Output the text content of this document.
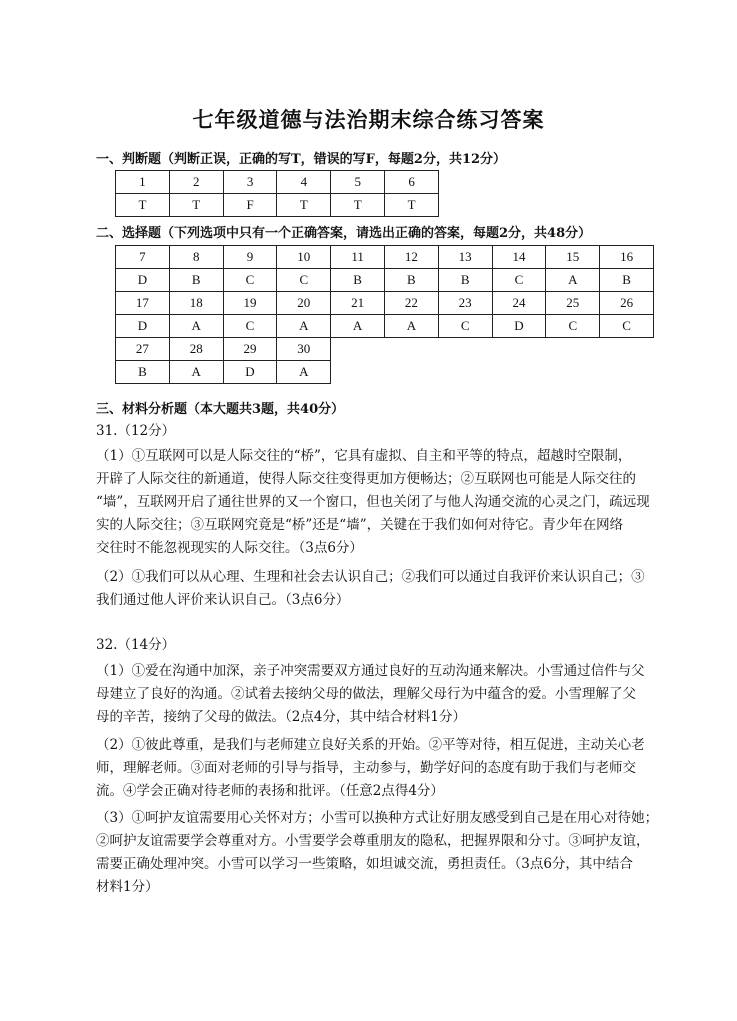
七年级道德与法治期末综合练习答案
一、判断题（判断正误，正确的写T，错误的写F，每题2分，共12分）
1	2	3	4	5	6
T	T	F	T	T	T
二、选择题（下列选项中只有一个正确答案，请选出正确的答案，每题2分，共48分）
7	8	9	10	11	12	13	14	15	16
D	B	C	C	B	B	B	C	A	B
17	18	19	20	21	22	23	24	25	26
D	A	C	A	A	A	C	D	C	C
27	28	29	30						
B	A	D	A						
三、材料分析题（本大题共3题，共40分）
31.（12分）
（1）①互联网可以是人际交往的“桥”，它具有虚拟、自主和平等的特点，超越时空限制，
开辟了人际交往的新通道，使得人际交往变得更加方便畅达；②互联网也可能是人际交往的
“墙”，互联网开启了通往世界的又一个窗口，但也关闭了与他人沟通交流的心灵之门，疏远现
实的人际交往；③互联网究竟是“桥”还是“墙”，关键在于我们如何对待它。青少年在网络
交往时不能忽视现实的人际交往。（3点6分）
（2）①我们可以从心理、生理和社会去认识自己；②我们可以通过自我评价来认识自己；③
我们通过他人评价来认识自己。（3点6分）
32.（14分）
（1）①爱在沟通中加深，亲子冲突需要双方通过良好的互动沟通来解决。小雪通过信件与父
母建立了良好的沟通。②试着去接纳父母的做法，理解父母行为中蕴含的爱。小雪理解了父
母的辛苦，接纳了父母的做法。（2点4分，其中结合材料1分）
（2）①彼此尊重，是我们与老师建立良好关系的开始。②平等对待，相互促进，主动关心老
师，理解老师。③面对老师的引导与指导，主动参与，勤学好问的态度有助于我们与老师交
流。④学会正确对待老师的表扬和批评。（任意2点得4分）
（3）①呵护友谊需要用心关怀对方；小雪可以换种方式让好朋友感受到自己是在用心对待她；
②呵护友谊需要学会尊重对方。小雪要学会尊重朋友的隐私，把握界限和分寸。③呵护友谊，
需要正确处理冲突。小雪可以学习一些策略，如坦诚交流，勇担责任。（3点6分，其中结合
材料1分）
